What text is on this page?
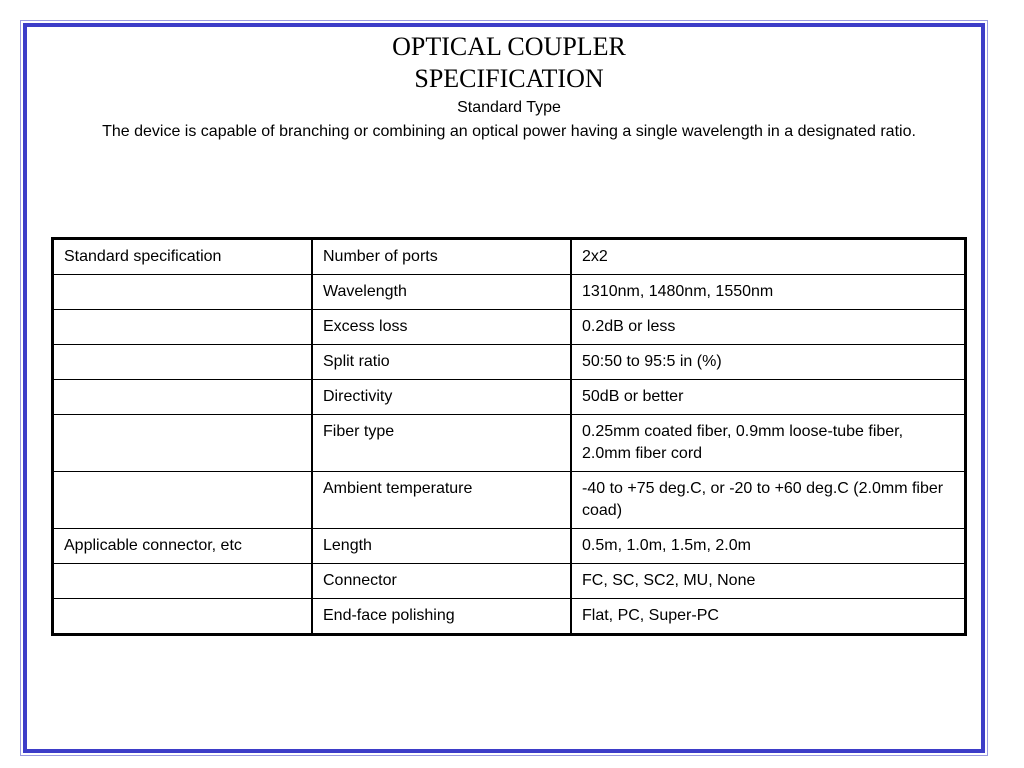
OPTICAL COUPLER
SPECIFICATION
Standard Type
The device is capable of branching or combining an optical power having a single wavelength in a designated ratio.
Standard specification	Number of ports	2x2
	Wavelength	1310nm, 1480nm, 1550nm
	Excess loss	0.2dB or less
	Split ratio	50:50 to 95:5 in (%)
	Directivity	50dB or better
	Fiber type	0.25mm coated fiber, 0.9mm loose-tube fiber, 2.0mm fiber cord
	Ambient temperature	-40 to +75 deg.C, or -20 to +60 deg.C (2.0mm fiber coad)
Applicable connector, etc	Length	0.5m, 1.0m, 1.5m, 2.0m
	Connector	FC, SC, SC2, MU, None
	End-face polishing	Flat, PC, Super-PC
